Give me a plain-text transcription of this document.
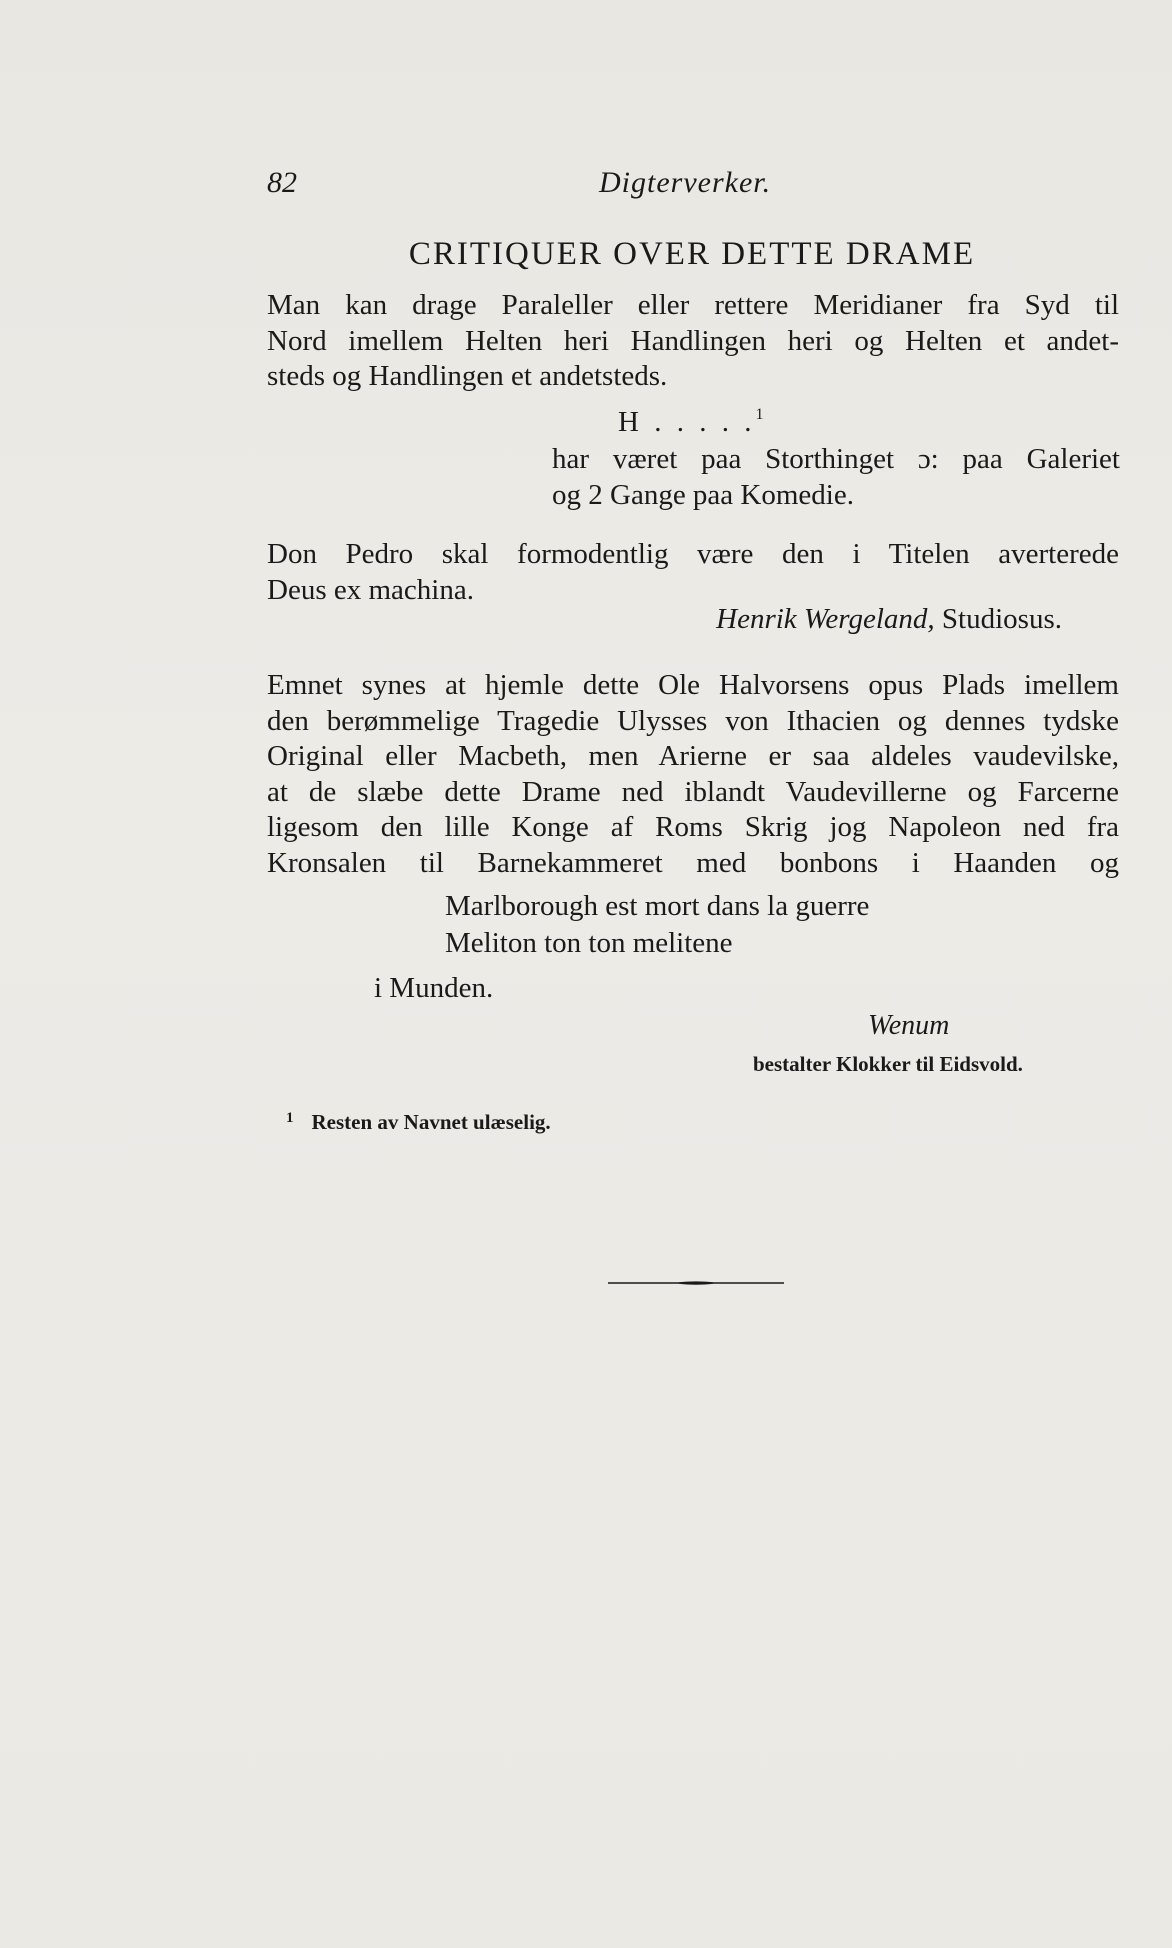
82	Digterverker.
CRITIQUER OVER DETTE DRAME
Man kan drage Paraleller eller rettere Meridianer fra Syd til
Nord imellem Helten heri Handlingen heri og Helten et andet-
steds og Handlingen et andetsteds.
H . . . . .$^1$
har været paa Storthinget ɔ: paa Galeriet
og 2 Gange paa Komedie.
Don Pedro skal formodentlig være den i Titelen averterede
Deus ex machina.
Henrik Wergeland, Studiosus.
Emnet synes at hjemle dette Ole Halvorsens opus Plads imellem
den berømmelige Tragedie Ulysses von Ithacien og dennes tydske
Original eller Macbeth, men Arierne er saa aldeles vaudevilske,
at de slæbe dette Drame ned iblandt Vaudevillerne og Farcerne
ligesom den lille Konge af Roms Skrig jog Napoleon ned fra
Kronsalen til Barnekammeret med bonbons i Haanden og
Marlborough est mort dans la guerre
Meliton ton ton melitene
i Munden.
Wenum
bestalter Klokker til Eidsvold.
$^1$ Resten av Navnet ulæselig.
